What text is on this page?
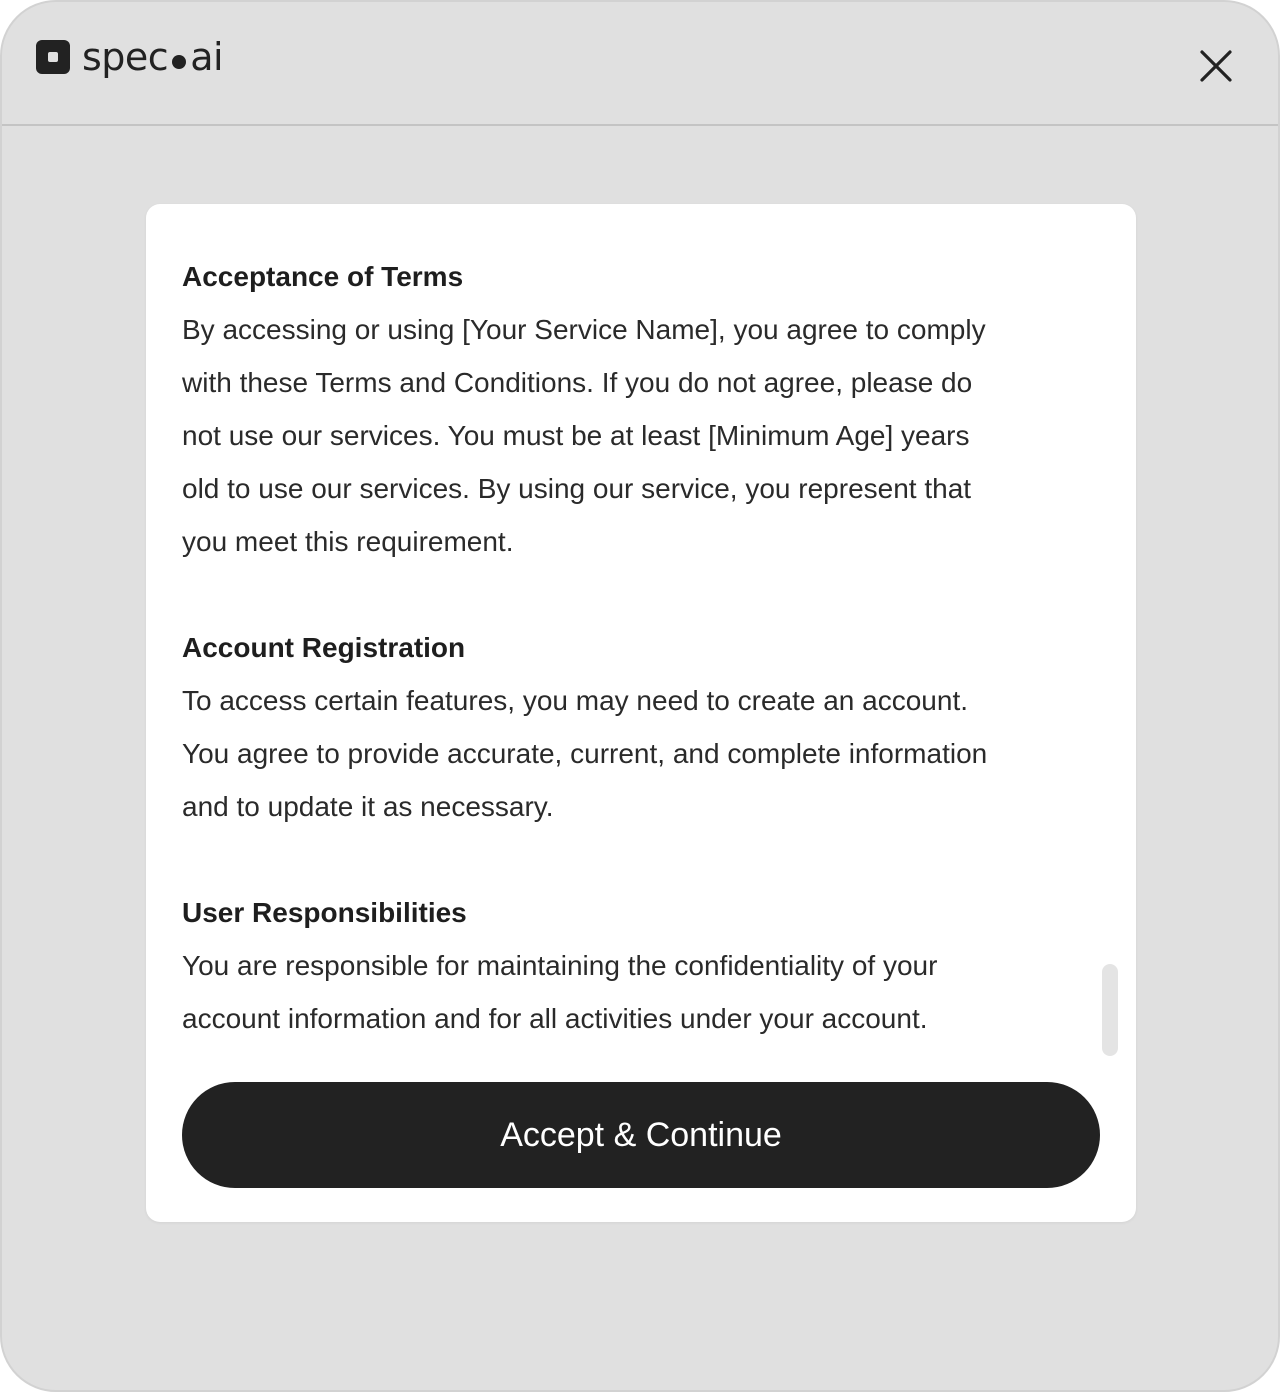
spec ai

Acceptance of Terms

By accessing or using [Your Service Name], you agree to comply

with these Terms and Conditions. If you do not agree, please do

not use our services. You must be at least [Minimum Age] years

old to use our services. By using our service, you represent that

you meet this requirement.

Account Registration

To access certain features, you may need to create an account.

You agree to provide accurate, current, and complete information

and to update it as necessary.

User Responsibilities

You are responsible for maintaining the confidentiality of your

account information and for all activities under your account.

Accept & Continue
